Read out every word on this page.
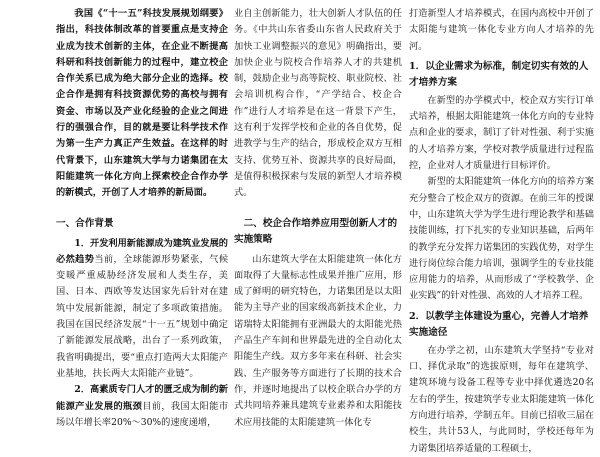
我国《“十一五”科技发展规划纲要》指出，科技体制改革的首要重点是支持企业成为技术创新的主体，在企业不断提高科研和科技创新能力的过程中，建立校企合作关系已成为绝大部分企业的选择。校企合作是拥有科技资源优势的高校与拥有资金、市场以及产业化经验的企业之间进行的强强合作，目的就是要让科学技术作为第一生产力真正产生效益。在这样的时代背景下，山东建筑大学与力诺集团在太阳能建筑一体化方向上探索校企合作办学的新模式，开创了人才培养的新局面。

一、合作背景

1．开发利用新能源成为建筑业发展的必然趋势当前，全球能源形势紧张，气候变暖严重威胁经济发展和人类生存，美国、日本、西欧等发达国家先后针对在建筑中发展新能源，制定了多项政策措施。我国在国民经济发展“十一五”规划中确定了新能源发展战略，出台了一系列政策，我省明确提出，要“重点打造两大太阳能产业基地，扶长两大太阳能产业链”。

2．高素质专门人才的匮乏成为制约新能源产业发展的瓶颈目前，我国太阳能市场以年增长率20%～30%的速度递增，

业自主创新能力，壮大创新人才队伍的任务。《中共山东省委山东省人民政府关于加快工业调整振兴的意见》明确指出，要加快企业与院校合作培养人才的共建机制，鼓励企业与高等院校、职业院校、社会培训机构合作，“产学结合、校企合作”进行人才培养是在这一背景下产生，这有利于发挥学校和企业的各自优势，促进教学与生产的结合，形成校企双方互相支持、优势互补、资源共享的良好局面，是值得积极探索与发展的新型人才培养模式。

二、校企合作培养应用型创新人才的实施策略

山东建筑大学在太阳能建筑一体化方面取得了大量标志性成果并推广应用，形成了鲜明的研究特色，力诺集团是以太阳能为主导产业的国家级高新技术企业，力诺瑞特太阳能拥有亚洲最大的太阳能光热产品生产车间和世界最先进的全自动化太阳能生产线。双方多年来在科研、社会实践、生产服务等方面进行了长期的技术合作，并逐时地提出了以校企联合办学的方式共同培养兼具建筑专业素养和太阳能技术应用技能的太阳能建筑一体化专

打造新型人才培养模式，在国内高校中开创了太阳能与建筑一体化专业方向人才培养的先河。

1．以企业需求为标准，制定切实有效的人才培养方案

在新型的办学模式中，校企双方实行订单式培养，根据太阳能建筑一体化方向的专业特点和企业的要求，制订了针对性强、利于实施的人才培养方案，学校对教学质量进行过程监控，企业对人才质量进行目标评价。

新型的太阳能建筑一体化方向的培养方案充分整合了校企双方的资源。在前三年的授课中，山东建筑大学为学生进行理论教学和基础技能训练，打下扎实的专业知识基础，后两年的教学充分发挥力诺集团的实践优势，对学生进行岗位综合能力培训，强调学生的专业技能应用能力的培养，从而形成了“学校教学、企业实践”的针对性强、高效的人才培养工程。

2．以教学主体建设为重心，完善人才培养实施途径

在办学之初，山东建筑大学坚持“专业对口、择优录取”的选拔原则，每年在建筑学、建筑环境与设备工程等专业中择优遴选20名左右的学生，按建筑学专业太阳能建筑一体化方向进行培养，学制五年。目前已招收三届在校生，共计53人，与此同时，学校还每年为力诺集团培养适量的工程硕士，
